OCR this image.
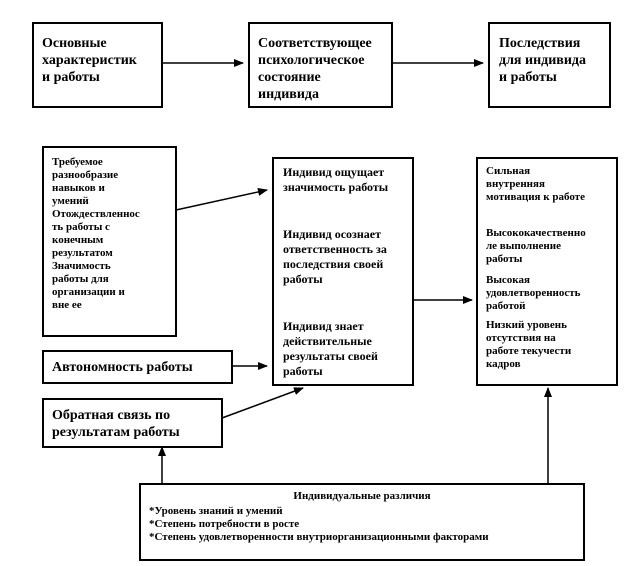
Основные
характеристик
и работы
Соответствующее
психологическое
состояние
индивида
Последствия
для индивида
и работы
Требуемое
разнообразие
навыков и
умений
Отождествленнос
ть работы с
конечным
результатом
Значимость
работы для
организации и
вне ее
Автономность работы
Обратная связь по
результатам работы
Индивид ощущает
значимость работы
Индивид осознает
ответственность за
последствия своей
работы
Индивид знает
действительные
результаты своей
работы
Сильная
внутренняя
мотивация к работе
Высококачественно
ле выполнение
работы
Высокая
удовлетворенность
работой
Низкий уровень
отсутствия на
работе текучести
кадров
Индивидуальные различия
*Уровень знаний и умений
*Степень потребности в росте
*Степень удовлетворенности внутриорганизационными факторами
